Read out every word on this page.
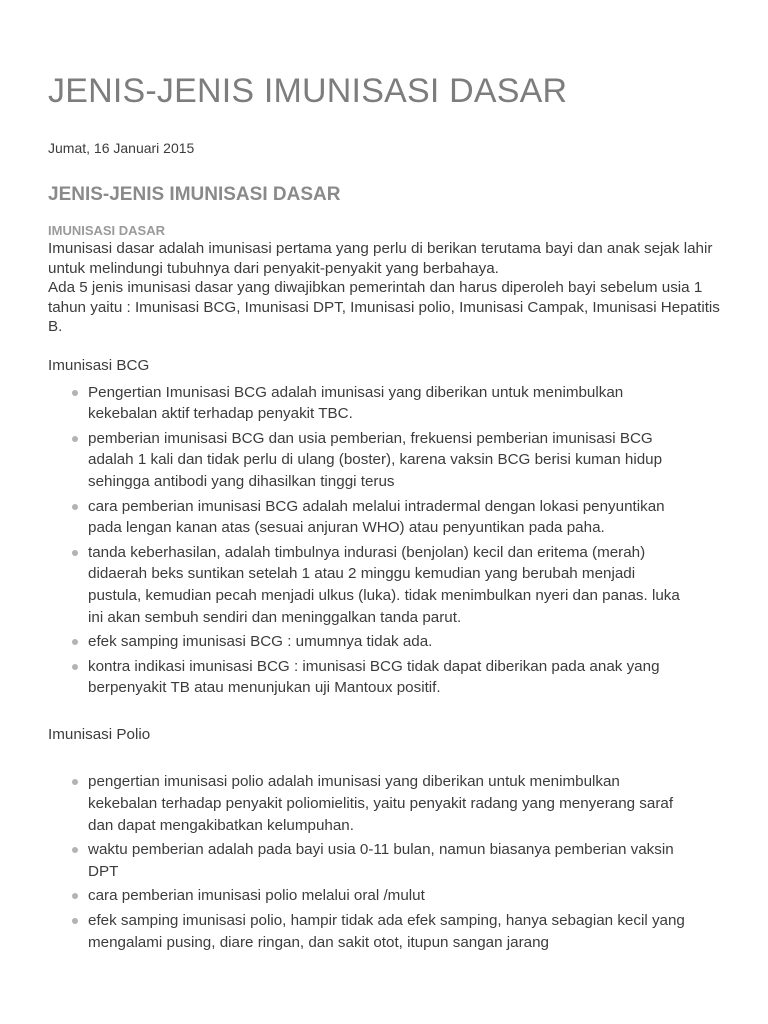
JENIS-JENIS IMUNISASI DASAR
Jumat, 16 Januari 2015
JENIS-JENIS IMUNISASI DASAR
IMUNISASI DASAR

Imunisasi dasar adalah imunisasi pertama yang perlu di berikan terutama bayi dan anak sejak lahir untuk melindungi tubuhnya dari penyakit-penyakit yang berbahaya.

Ada 5 jenis imunisasi dasar yang diwajibkan pemerintah dan harus diperoleh bayi sebelum usia 1 tahun yaitu : Imunisasi BCG, Imunisasi DPT, Imunisasi polio, Imunisasi Campak, Imunisasi Hepatitis B.

Imunisasi BCG
Pengertian Imunisasi BCG adalah imunisasi yang diberikan untuk menimbulkan kekebalan aktif terhadap penyakit TBC.
pemberian imunisasi BCG dan usia pemberian, frekuensi pemberian imunisasi BCG adalah 1 kali dan tidak perlu di ulang (boster), karena vaksin BCG berisi kuman hidup sehingga antibodi yang dihasilkan tinggi terus
cara pemberian imunisasi BCG adalah melalui intradermal dengan lokasi penyuntikan pada lengan kanan atas (sesuai anjuran WHO) atau penyuntikan pada paha.
tanda keberhasilan, adalah timbulnya indurasi (benjolan) kecil dan eritema (merah) didaerah beks suntikan setelah 1 atau 2 minggu kemudian yang berubah menjadi pustula, kemudian pecah menjadi ulkus (luka). tidak menimbulkan nyeri dan panas. luka ini akan sembuh sendiri dan meninggalkan tanda parut.
efek samping imunisasi BCG : umumnya tidak ada.
kontra indikasi imunisasi BCG : imunisasi BCG tidak dapat diberikan pada anak yang berpenyakit TB atau menunjukan uji Mantoux positif.
Imunisasi Polio
pengertian imunisasi polio adalah imunisasi yang diberikan untuk menimbulkan kekebalan terhadap penyakit poliomielitis, yaitu penyakit radang yang menyerang saraf dan dapat mengakibatkan kelumpuhan.
waktu pemberian adalah pada bayi usia 0-11 bulan, namun biasanya pemberian vaksin DPT
cara pemberian imunisasi polio melalui oral /mulut
efek samping imunisasi polio, hampir tidak ada efek samping, hanya sebagian kecil yang mengalami pusing, diare ringan, dan sakit otot, itupun sangan jarang
